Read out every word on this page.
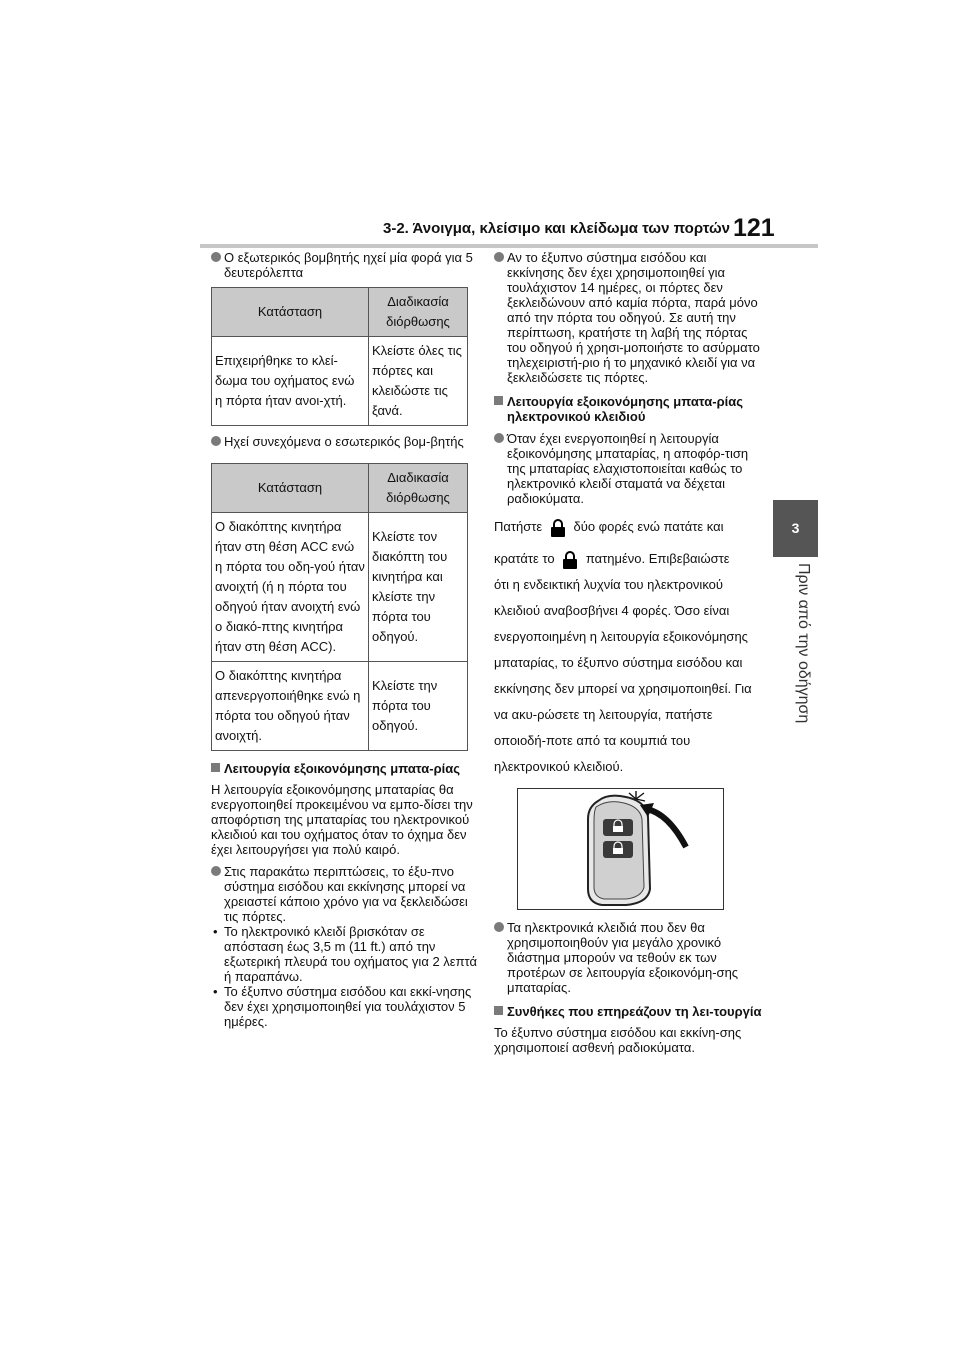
3-2. Άνοιγμα, κλείσιμο και κλείδωμα των πορτών 121
3
Πριν από την οδήγηση

Ο εξωτερικός βομβητής ηχεί μία φορά για 5 δευτερόλεπτα

Κατάσταση	Διαδικασία διόρθωσης
Επιχειρήθηκε το κλεί-δωμα του οχήματος ενώ η πόρτα ήταν ανοι-χτή.	Κλείστε όλες τις πόρτες και κλειδώστε τις ξανά.

Ηχεί συνεχόμενα ο εσωτερικός βομ-βητής

Κατάσταση	Διαδικασία διόρθωσης
Ο διακόπτης κινητήρα ήταν στη θέση ACC ενώ η πόρτα του οδη-γού ήταν ανοιχτή (ή η πόρτα του οδηγού ήταν ανοιχτή ενώ ο διακό-πτης κινητήρα ήταν στη θέση ACC).	Κλείστε τον διακόπτη του κινητήρα και κλείστε την πόρτα του οδηγού.
Ο διακόπτης κινητήρα απενεργοποιήθηκε ενώ η πόρτα του οδηγού ήταν ανοιχτή.	Κλείστε την πόρτα του οδηγού.

Λειτουργία εξοικονόμησης μπατα-ρίας

Η λειτουργία εξοικονόμησης μπαταρίας θα ενεργοποιηθεί προκειμένου να εμπο-δίσει την αποφόρτιση της μπαταρίας του ηλεκτρονικού κλειδιού και του οχήματος όταν το όχημα δεν έχει λειτουργήσει για πολύ καιρό.

Στις παρακάτω περιπτώσεις, το έξυ-πνο σύστημα εισόδου και εκκίνησης μπορεί να χρειαστεί κάποιο χρόνο για να ξεκλειδώσει τις πόρτες.

• Το ηλεκτρονικό κλειδί βρισκόταν σε απόσταση έως 3,5 m (11 ft.) από την εξωτερική πλευρά του οχήματος για 2 λεπτά ή παραπάνω.

• Το έξυπνο σύστημα εισόδου και εκκί-νησης δεν έχει χρησιμοποιηθεί για τουλάχιστον 5 ημέρες.

Αν το έξυπνο σύστημα εισόδου και εκκίνησης δεν έχει χρησιμοποιηθεί για τουλάχιστον 14 ημέρες, οι πόρτες δεν ξεκλειδώνουν από καμία πόρτα, παρά μόνο από την πόρτα του οδηγού. Σε αυτή την περίπτωση, κρατήστε τη λαβή της πόρτας του οδηγού ή χρησι-μοποιήστε το ασύρματο τηλεχειριστή-ριο ή το μηχανικό κλειδί για να ξεκλειδώσετε τις πόρτες.

Λειτουργία εξοικονόμησης μπατα-ρίας ηλεκτρονικού κλειδιού

Όταν έχει ενεργοποιηθεί η λειτουργία εξοικονόμησης μπαταρίας, η αποφόρ-τιση της μπαταρίας ελαχιστοποιείται καθώς το ηλεκτρονικό κλειδί σταματά να δέχεται ραδιοκύματα.

Πατήστε δύο φορές ενώ πατάτε και
κρατάτε το πατημένο. Επιβεβαιώστε
ότι η ενδεικτική λυχνία του ηλεκτρονικού κλειδιού αναβοσβήνει 4 φορές. Όσο είναι ενεργοποιημένη η λειτουργία εξοικονόμησης μπαταρίας, το έξυπνο σύστημα εισόδου και εκκίνησης δεν μπορεί να χρησιμοποιηθεί. Για να ακυ-ρώσετε τη λειτουργία, πατήστε οποιοδή-ποτε από τα κουμπιά του ηλεκτρονικού κλειδιού.

Τα ηλεκτρονικά κλειδιά που δεν θα χρησιμοποιηθούν για μεγάλο χρονικό διάστημα μπορούν να τεθούν εκ των προτέρων σε λειτουργία εξοικονόμη-σης μπαταρίας.

Συνθήκες που επηρεάζουν τη λει-τουργία

Το έξυπνο σύστημα εισόδου και εκκίνη-σης χρησιμοποιεί ασθενή ραδιοκύματα.
